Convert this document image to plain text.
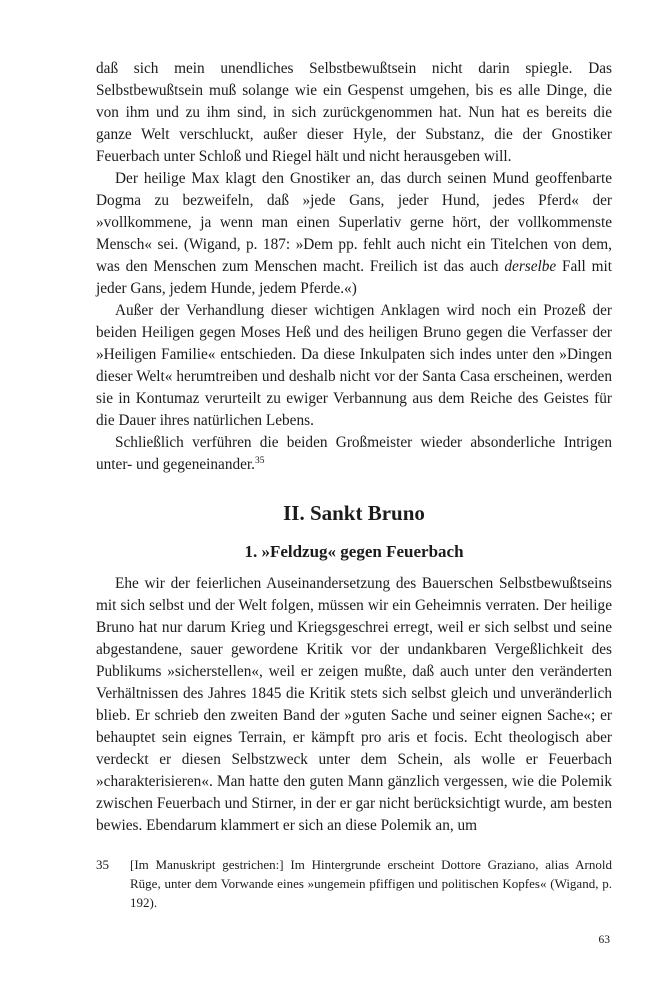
daß sich mein unendliches Selbstbewußtsein nicht darin spiegle. Das Selbstbewußtsein muß solange wie ein Gespenst umgehen, bis es alle Dinge, die von ihm und zu ihm sind, in sich zurückgenommen hat. Nun hat es bereits die ganze Welt verschluckt, außer dieser Hyle, der Substanz, die der Gnostiker Feuerbach unter Schloß und Riegel hält und nicht herausgeben will.

Der heilige Max klagt den Gnostiker an, das durch seinen Mund geoffenbarte Dogma zu bezweifeln, daß »jede Gans, jeder Hund, jedes Pferd« der »vollkommene, ja wenn man einen Superlativ gerne hört, der vollkommenste Mensch« sei. (Wigand, p. 187: »Dem pp. fehlt auch nicht ein Titelchen von dem, was den Menschen zum Menschen macht. Freilich ist das auch derselbe Fall mit jeder Gans, jedem Hunde, jedem Pferde.«)

Außer der Verhandlung dieser wichtigen Anklagen wird noch ein Prozeß der beiden Heiligen gegen Moses Heß und des heiligen Bruno gegen die Verfasser der »Heiligen Familie« entschieden. Da diese Inkulpaten sich indes unter den »Dingen dieser Welt« herumtreiben und deshalb nicht vor der Santa Casa erscheinen, werden sie in Kontumaz verurteilt zu ewiger Verbannung aus dem Reiche des Geistes für die Dauer ihres natürlichen Lebens.

Schließlich verführen die beiden Großmeister wieder absonderliche Intrigen unter- und gegeneinander.$^{35}$

II. Sankt Bruno
1. »Feldzug« gegen Feuerbach

Ehe wir der feierlichen Auseinandersetzung des Bauerschen Selbstbewußtseins mit sich selbst und der Welt folgen, müssen wir ein Geheimnis verraten. Der heilige Bruno hat nur darum Krieg und Kriegsgeschrei erregt, weil er sich selbst und seine abgestandene, sauer gewordene Kritik vor der undankbaren Vergeßlichkeit des Publikums »sicherstellen«, weil er zeigen mußte, daß auch unter den veränderten Verhältnissen des Jahres 1845 die Kritik stets sich selbst gleich und unveränderlich blieb. Er schrieb den zweiten Band der »guten Sache und seiner eignen Sache«; er behauptet sein eignes Terrain, er kämpft pro aris et focis. Echt theologisch aber verdeckt er diesen Selbstzweck unter dem Schein, als wolle er Feuerbach »charakterisieren«. Man hatte den guten Mann gänzlich vergessen, wie die Polemik zwischen Feuerbach und Stirner, in der er gar nicht berücksichtigt wurde, am besten bewies. Ebendarum klammert er sich an diese Polemik an, um

35	[Im Manuskript gestrichen:] Im Hintergrunde erscheint Dottore Graziano, alias Arnold Rüge, unter dem Vorwande eines »ungemein pfiffigen und politischen Kopfes« (Wigand, p. 192).
63
